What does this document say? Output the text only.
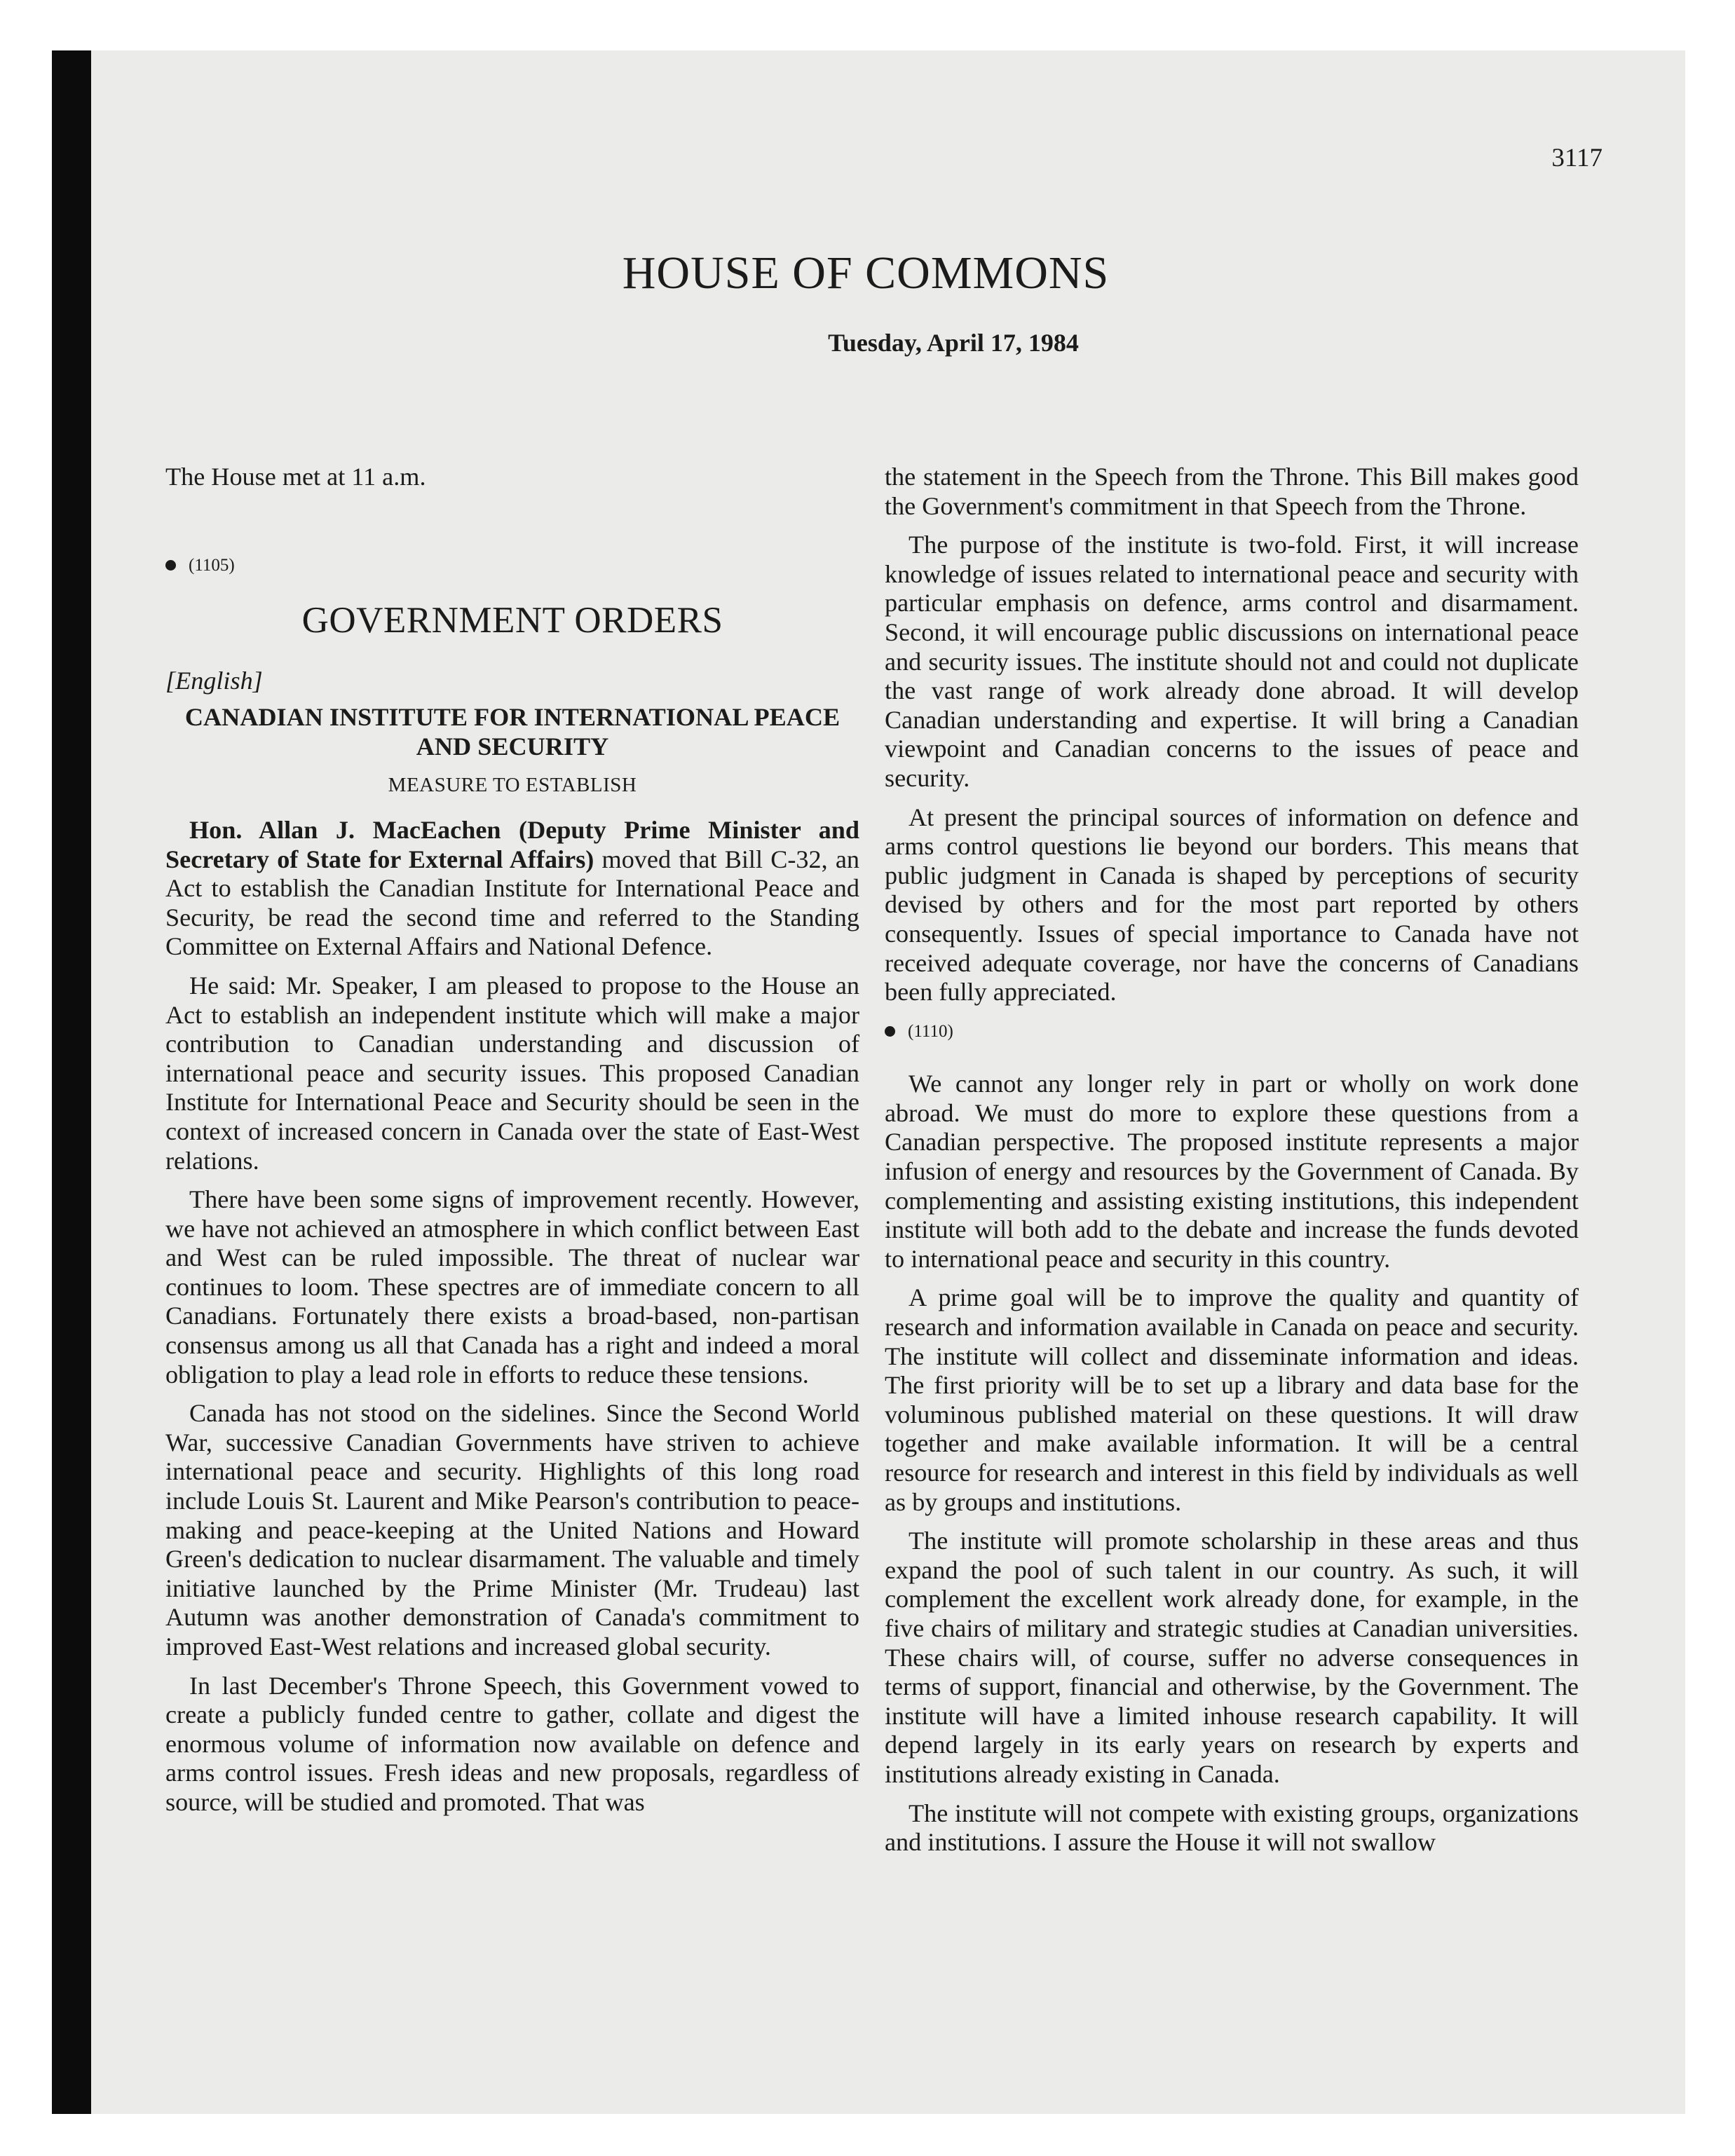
3117
HOUSE OF COMMONS
Tuesday, April 17, 1984
The House met at 11 a.m.
(1105)
GOVERNMENT ORDERS
[English]
CANADIAN INSTITUTE FOR INTERNATIONAL PEACE AND SECURITY
MEASURE TO ESTABLISH

Hon. Allan J. MacEachen (Deputy Prime Minister and Secretary of State for External Affairs) moved that Bill C-32, an Act to establish the Canadian Institute for International Peace and Security, be read the second time and referred to the Standing Committee on External Affairs and National Defence.

He said: Mr. Speaker, I am pleased to propose to the House an Act to establish an independent institute which will make a major contribution to Canadian understanding and discussion of international peace and security issues. This proposed Canadian Institute for International Peace and Security should be seen in the context of increased concern in Canada over the state of East-West relations.

There have been some signs of improvement recently. However, we have not achieved an atmosphere in which conflict between East and West can be ruled impossible. The threat of nuclear war continues to loom. These spectres are of immediate concern to all Canadians. Fortunately there exists a broad-based, non-partisan consensus among us all that Canada has a right and indeed a moral obligation to play a lead role in efforts to reduce these tensions.

Canada has not stood on the sidelines. Since the Second World War, successive Canadian Governments have striven to achieve international peace and security. Highlights of this long road include Louis St. Laurent and Mike Pearson's contribution to peace-making and peace-keeping at the United Nations and Howard Green's dedication to nuclear disarmament. The valuable and timely initiative launched by the Prime Minister (Mr. Trudeau) last Autumn was another demonstration of Canada's commitment to improved East-West relations and increased global security.

In last December's Throne Speech, this Government vowed to create a publicly funded centre to gather, collate and digest the enormous volume of information now available on defence and arms control issues. Fresh ideas and new proposals, regardless of source, will be studied and promoted. That was

the statement in the Speech from the Throne. This Bill makes good the Government's commitment in that Speech from the Throne.

The purpose of the institute is two-fold. First, it will increase knowledge of issues related to international peace and security with particular emphasis on defence, arms control and disarmament. Second, it will encourage public discussions on international peace and security issues. The institute should not and could not duplicate the vast range of work already done abroad. It will develop Canadian understanding and expertise. It will bring a Canadian viewpoint and Canadian concerns to the issues of peace and security.

At present the principal sources of information on defence and arms control questions lie beyond our borders. This means that public judgment in Canada is shaped by perceptions of security devised by others and for the most part reported by others consequently. Issues of special importance to Canada have not received adequate coverage, nor have the concerns of Canadians been fully appreciated.

(1110)

We cannot any longer rely in part or wholly on work done abroad. We must do more to explore these questions from a Canadian perspective. The proposed institute represents a major infusion of energy and resources by the Government of Canada. By complementing and assisting existing institutions, this independent institute will both add to the debate and increase the funds devoted to international peace and security in this country.

A prime goal will be to improve the quality and quantity of research and information available in Canada on peace and security. The institute will collect and disseminate information and ideas. The first priority will be to set up a library and data base for the voluminous published material on these questions. It will draw together and make available information. It will be a central resource for research and interest in this field by individuals as well as by groups and institutions.

The institute will promote scholarship in these areas and thus expand the pool of such talent in our country. As such, it will complement the excellent work already done, for example, in the five chairs of military and strategic studies at Canadian universities. These chairs will, of course, suffer no adverse consequences in terms of support, financial and otherwise, by the Government. The institute will have a limited inhouse research capability. It will depend largely in its early years on research by experts and institutions already existing in Canada.

The institute will not compete with existing groups, organizations and institutions. I assure the House it will not swallow
